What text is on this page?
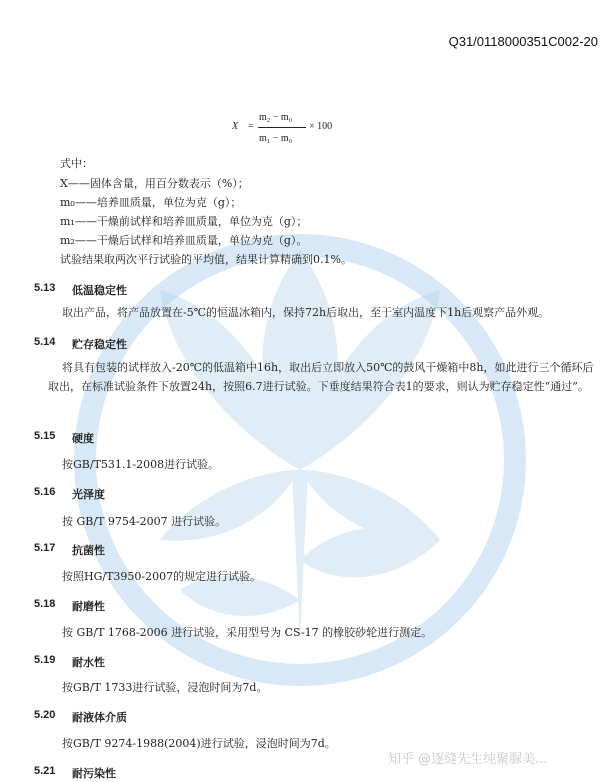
Q31/0118000351C002-20
X =
m₂ − m₀
m₁ − m₀
× 100
式中：
X——固体含量，用百分数表示（%）；
m₀——培养皿质量，单位为克（g）；
m₁——干燥前试样和培养皿质量，单位为克（g）；
m₂——干燥后试样和培养皿质量，单位为克（g）。
试验结果取两次平行试验的平均值，结果计算精确到0.1%。
5.13 低温稳定性
取出产品，将产品放置在-5℃的恒温冰箱内，保持72h后取出，至于室内温度下1h后观察产品外观。
5.14 贮存稳定性
将具有包装的试样放入-20℃的低温箱中16h，取出后立即放入50℃的鼓风干燥箱中8h，如此进行三个循环后取出，在标准试验条件下放置24h，按照6.7进行试验。下垂度结果符合表1的要求，则认为贮存稳定性“通过”。
5.15 硬度
按GB/T531.1-2008进行试验。
5.16 光泽度
按 GB/T 9754-2007 进行试验。
5.17 抗菌性
按照HG/T3950-2007的规定进行试验。
5.18 耐磨性
按 GB/T 1768-2006 进行试验，采用型号为 CS-17 的橡胶砂轮进行测定。
5.19 耐水性
按GB/T 1733进行试验，浸泡时间为7d。
5.20 耐液体介质
按GB/T 9274-1988(2004)进行试验，浸泡时间为7d。
5.21 耐污染性
知乎 @逐缝先生纯聚脲美...
